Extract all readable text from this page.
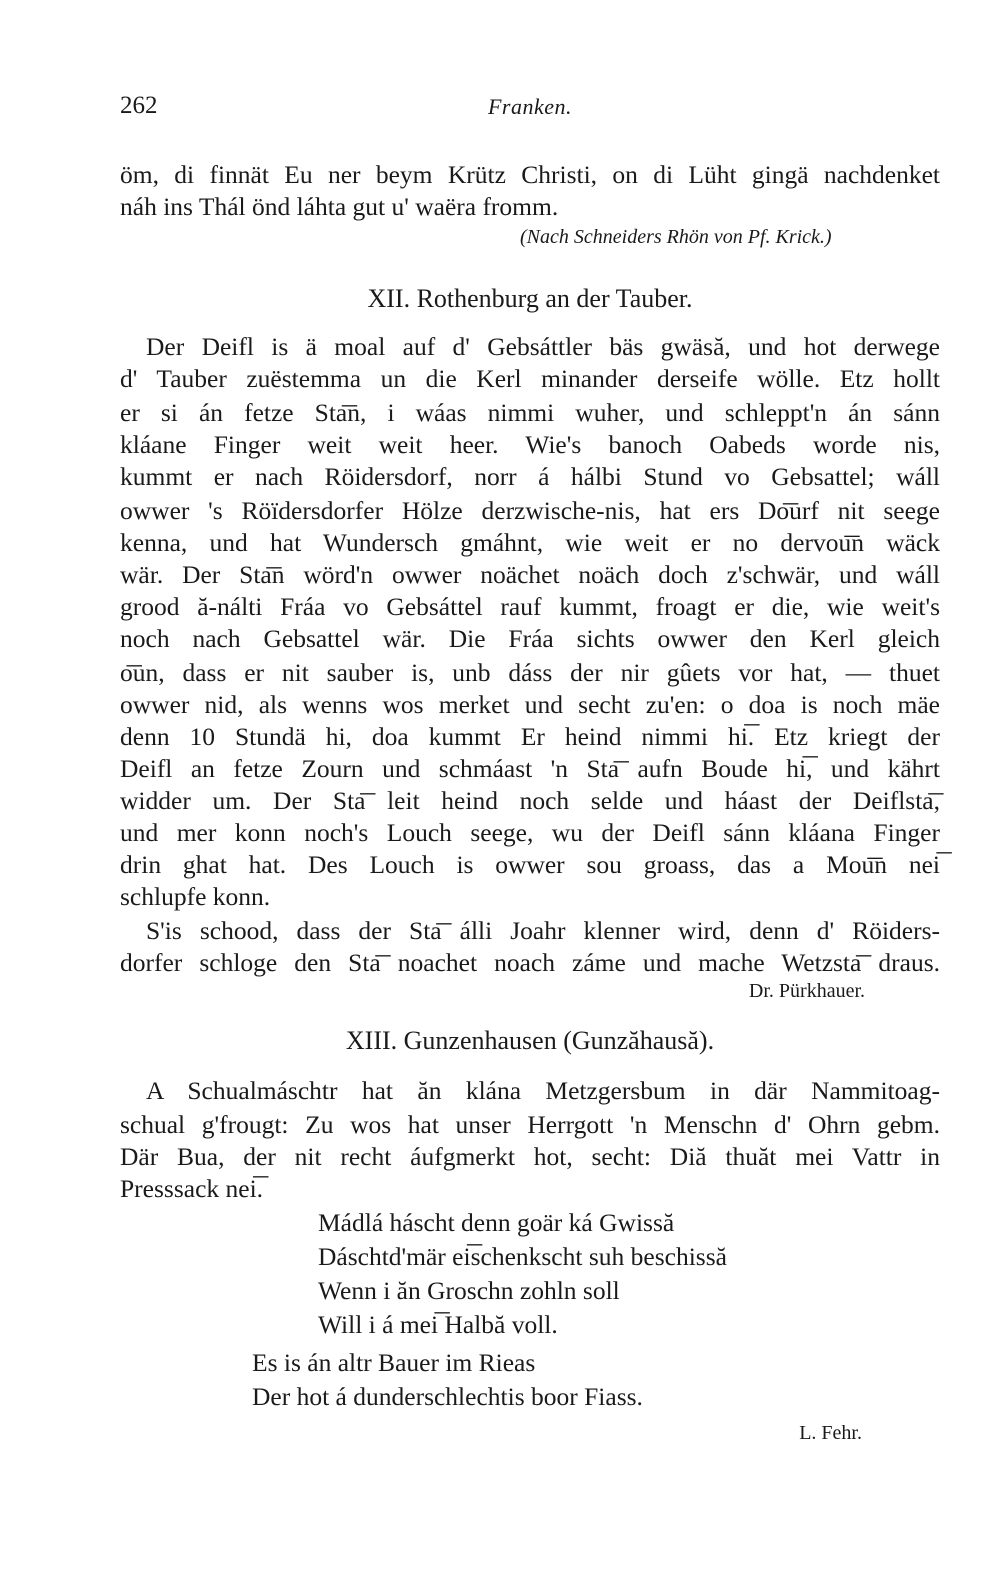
262	Franken.
öm, di finnät Eu ner beym Krütz Christi, on di Lüht gingä nachdenket
náh ins Thál önd láhta gut u' waëra fromm.
(Nach Schneiders Rhön von Pf. Krick.)
XII. Rothenburg an der Tauber.
Der Deifl is ä moal auf d' Gebsáttler bäs gwäsă, und hot derwege
d' Tauber zuëstemma un die Kerl minander derseife wölle. Etz hollt
er si án fetze Sta͞n, i wáas nimmi wuher, und schleppt'n án sánn
kláane Finger weit weit heer. Wie's banoch Oabeds worde nis,
kummt er nach Röidersdorf, norr á hálbi Stund vo Gebsattel; wáll
owwer 's Röïdersdorfer Hölze derzwische-nis, hat ers Do͞urf nit seege
kenna, und hat Wundersch gmáhnt, wie weit er no dervou͞n wäck
wär. Der Sta͞n wörd'n owwer noächet noäch doch z'schwär, und wáll
grood ă-nálti Fráa vo Gebsáttel rauf kummt, froagt er die, wie weit's
noch nach Gebsattel wär. Die Fráa sichts owwer den Kerl gleich
o͞un, dass er nit sauber is, unb dáss der nir gûets vor hat, — thuet
owwer nid, als wenns wos merket und secht zu'en: o doa is noch mäe
denn 10 Stundä hi, doa kummt Er heind nimmi hi͞. Etz kriegt der
Deifl an fetze Zourn und schmáast 'n Sta͞ aufn Boude hi͞, und kährt
widder um. Der Sta͞ leit heind noch selde und háast der Deiflsta͞,
und mer konn noch's Louch seege, wu der Deifl sánn kláana Finger
drin ghat hat. Des Louch is owwer sou groass, das a Mou͞n nei͞
schlupfe konn.
S'is schood, dass der Sta͞ álli Joahr klenner wird, denn d' Röiders-
dorfer schloge den Sta͞ noachet noach záme und mache Wetzsta͞ draus.
Dr. Pürkhauer.
XIII. Gunzenhausen (Gunzăhausă).
A Schualmáschtr hat ăn klána Metzgersbum in där Nammitoag-
schual g'frougt: Zu wos hat unser Herrgott 'n Menschn d' Ohrn gebm.
Där Bua, der nit recht áufgmerkt hot, secht: Diă thuăt mei Vattr in
Presssack nei͞.
Mádlá háscht denn goär ká Gwissă
Dáschtd'mär ei͞schenkscht suh beschissă
Wenn i ăn Groschn zohln soll
Will i á mei͞ Halbă voll.
Es is án altr Bauer im Rieas
Der hot á dunderschlechtis boor Fiass.
L. Fehr.
